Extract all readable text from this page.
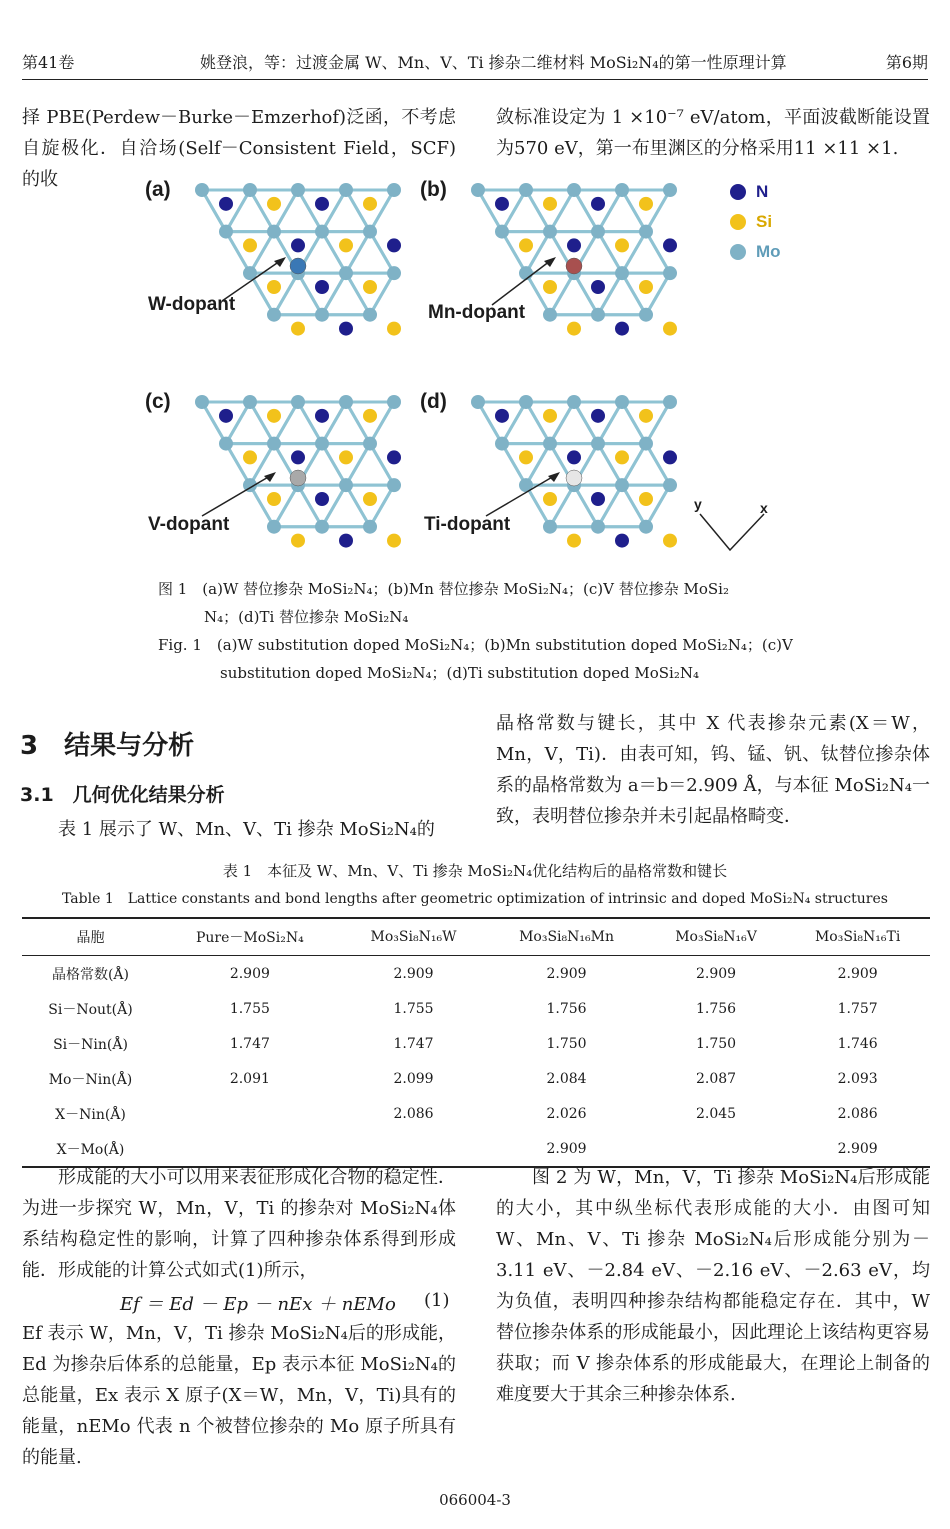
第41卷	姚登浪，等：过渡金属 W、Mn、V、Ti 掺杂二维材料 MoSi₂N₄的第一性原理计算	第6期

择 PBE(Perdew－Burke－Emzerhof)泛函，不考虑自旋极化．自洽场(Self－Consistent Field，SCF)的收

敛标准设定为 1 ×10⁻⁷ eV/atom，平面波截断能设置为570 eV，第一布里渊区的分格采用11 ×11 ×1.

(a)
W-dopant
(b)
Mn-dopant
N
Si
Mo
(c)
V-dopant
(d)
Ti-dopant
y	x
图 1　(a)W 替位掺杂 MoSi₂N₄；(b)Mn 替位掺杂 MoSi₂N₄；(c)V 替位掺杂 MoSi₂
N₄；(d)Ti 替位掺杂 MoSi₂N₄
Fig. 1　(a)W substitution doped MoSi₂N₄；(b)Mn substitution doped MoSi₂N₄；(c)V
substitution doped MoSi₂N₄；(d)Ti substitution doped MoSi₂N₄
3　结果与分析
3.1　几何优化结果分析

表 1 展示了 W、Mn、V、Ti 掺杂 MoSi₂N₄的

晶格常数与键长，其中 X 代表掺杂元素(X＝W，Mn，V，Ti)．由表可知，钨、锰、钒、钛替位掺杂体系的晶格常数为 a＝b＝2.909 Å，与本征 MoSi₂N₄一致，表明替位掺杂并未引起晶格畸变．

表 1　本征及 W、Mn、V、Ti 掺杂 MoSi₂N₄优化结构后的晶格常数和键长
Table 1　Lattice constants and bond lengths after geometric optimization of intrinsic and doped MoSi₂N₄ structures
晶胞	Pure－MoSi₂N₄	Mo₃Si₈N₁₆W	Mo₃Si₈N₁₆Mn	Mo₃Si₈N₁₆V	Mo₃Si₈N₁₆Ti
晶格常数(Å)	2.909	2.909	2.909	2.909	2.909
Si－Nout(Å)	1.755	1.755	1.756	1.756	1.757
Si－Nin(Å)	1.747	1.747	1.750	1.750	1.746
Mo－Nin(Å)	2.091	2.099	2.084	2.087	2.093
X－Nin(Å)		2.086	2.026	2.045	2.086
X－Mo(Å)			2.909		2.909

形成能的大小可以用来表征形成化合物的稳定性．为进一步探究 W，Mn，V，Ti 的掺杂对 MoSi₂N₄体系结构稳定性的影响，计算了四种掺杂体系得到形成能．形成能的计算公式如式(1)所示，

Ef ＝ Ed － Ep － nEx ＋ nEMo (1)

Ef 表示 W，Mn，V，Ti 掺杂 MoSi₂N₄后的形成能，Ed 为掺杂后体系的总能量，Ep 表示本征 MoSi₂N₄的总能量，Ex 表示 X 原子(X＝W，Mn，V，Ti)具有的能量，nEMo 代表 n 个被替位掺杂的 Mo 原子所具有的能量.

图 2 为 W，Mn，V，Ti 掺杂 MoSi₂N₄后形成能的大小，其中纵坐标代表形成能的大小．由图可知 W、Mn、V、Ti 掺杂 MoSi₂N₄后形成能分别为－3.11 eV、－2.84 eV、－2.16 eV、－2.63 eV，均为负值，表明四种掺杂结构都能稳定存在．其中，W 替位掺杂体系的形成能最小，因此理论上该结构更容易获取；而 V 掺杂体系的形成能最大，在理论上制备的难度要大于其余三种掺杂体系.

066004-3
